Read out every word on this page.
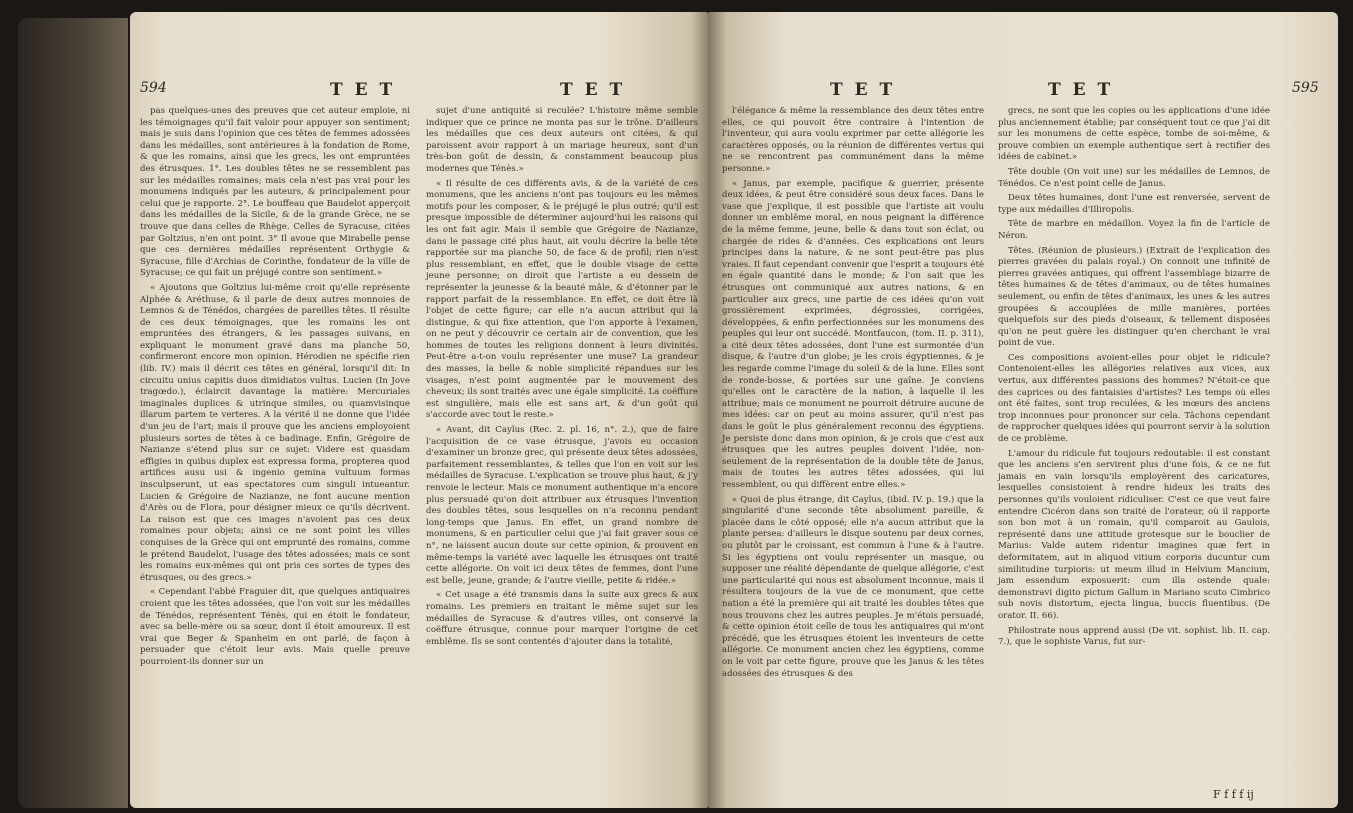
594	T E T	T E T

pas quelques-unes des preuves que cet auteur emploie, ni les témoignages qu'il fait valoir pour appuyer son sentiment; mais je suis dans l'opinion que ces têtes de femmes adossées dans les médailles, sont antérieures à la fondation de Rome, & que les romains, ainsi que les grecs, les ont empruntées des étrusques. 1°. Les doubles têtes ne se ressemblent pas sur les médailles romaines; mais cela n'est pas vrai pour les monumens indiqués par les auteurs, & principalement pour celui que je rapporte. 2°. Le bouffeau que Baudelot apperçoit dans les médailles de la Sicile, & de la grande Grèce, ne se trouve que dans celles de Rhège. Celles de Syracuse, citées par Goltzius, n'en ont point. 3° Il avoue que Mirabelle pense que ces dernières médailles représentent Orthygie & Syracuse, fille d'Archias de Corinthe, fondateur de la ville de Syracuse; ce qui fait un préjugé contre son sentiment.»

« Ajoutons que Goltzius lui-même croit qu'elle représente Alphée & Aréthuse, & il parle de deux autres monnoies de Lemnos & de Ténédos, chargées de pareilles têtes. Il résulte de ces deux témoignages, que les romains les ont empruntées des étrangers, & les passages suivans, en expliquant le monument gravé dans ma planche 50, confirmeront encore mon opinion. Hérodien ne spécifie rien (lib. IV.) mais il décrit ces têtes en général, lorsqu'il dit: In circuitu unius capitis duos dimidiatos vultus. Lucien (In Jove tragœdo.), éclaircit davantage la matière: Mercuriales imaginales duplices & utrinque similes, ou quamvisinque illarum partem te verteres. A la vérité il ne donne que l'idée d'un jeu de l'art; mais il prouve que les anciens employoient plusieurs sortes de têtes à ce badinage. Enfin, Grégoire de Nazianze s'étend plus sur ce sujet: Videre est quasdam effigies in quibus duplex est expressa forma, propterea quod artifices ausu usi & ingenio gemina vultuum formas insculpserunt, ut eas spectatores cum singuli intueantur. Lucien & Grégoire de Nazianze, ne font aucune mention d'Arès ou de Flora, pour désigner mieux ce qu'ils décrivent. La raison est que ces images n'avoient pas ces deux romaines pour objets; ainsi ce ne sont point les villes conquises de la Grèce qui ont emprunté des romains, comme le prétend Baudelot, l'usage des têtes adossées; mais ce sont les romains eux-mêmes qui ont pris ces sortes de types des étrusques, ou des grecs.»

« Cependant l'abbé Fraguier dit, que quelques antiquaires croient que les têtes adossées, que l'on voit sur les médailles de Ténédos, représentent Ténès, qui en étoit le fondateur, avec sa belle-mère ou sa sœur, dont il étoit amoureux. Il est vrai que Beger & Spanheim en ont parlé, de façon à persuader que c'étoit leur avis. Mais quelle preuve pourroient-ils donner sur un

sujet d'une antiquité si reculée? L'histoire même semble indiquer que ce prince ne monta pas sur le trône. D'ailleurs les médailles que ces deux auteurs ont citées, & qui paroissent avoir rapport à un mariage heureux, sont d'un très-bon goût de dessin, & constamment beaucoup plus modernes que Ténès.»

« Il résulte de ces différents avis, & de la variété de ces monumens, que les anciens n'ont pas toujours eu les mêmes motifs pour les composer, & le préjugé le plus outré; qu'il est presque impossible de déterminer aujourd'hui les raisons qui les ont fait agir. Mais il semble que Grégoire de Nazianze, dans le passage cité plus haut, ait voulu décrire la belle tête rapportée sur ma planche 50, de face & de profil; rien n'est plus ressemblant, en effet, que le double visage de cette jeune personne; on diroit que l'artiste a eu dessein de représenter la jeunesse & la beauté mâle, & d'étonner par le rapport parfait de la ressemblance. En effet, ce doit être là l'objet de cette figure; car elle n'a aucun attribut qui la distingue, & qui fixe attention, que l'on apporte à l'examen, on ne peut y découvrir ce certain air de convention, que les hommes de toutes les religions donnent à leurs divinités. Peut-être a-t-on voulu représenter une muse? La grandeur des masses, la belle & noble simplicité répandues sur les visages, n'est point augmentée par le mouvement des cheveux; ils sont traités avec une égale simplicité. La coëffure est singulière, mais elle est sans art, & d'un goût qui s'accorde avec tout le reste.»

« Avant, dit Caylus (Rec. 2. pl. 16, n°. 2.), que de faire l'acquisition de ce vase étrusque, j'avois eu occasion d'examiner un bronze grec, qui présente deux têtes adossées, parfaitement ressemblantes, & telles que l'on en voit sur les médailles de Syracuse. L'explication se trouve plus haut, & j'y renvoie le lecteur. Mais ce monument authentique m'a encore plus persuadé qu'on doit attribuer aux étrusques l'invention des doubles têtes, sous lesquelles on n'a reconnu pendant long-temps que Janus. En effet, un grand nombre de monumens, & en particulier celui que j'ai fait graver sous ce n°, ne laissent aucun doute sur cette opinion, & prouvent en même-temps la variété avec laquelle les étrusques ont traité cette allégorie. On voit ici deux têtes de femmes, dont l'une est belle, jeune, grande; & l'autre vieille, petite & ridée.»

« Cet usage a été transmis dans la suite aux grecs & aux romains. Les premiers en traitant le même sujet sur les médailles de Syracuse & d'autres villes, ont conservé la coëffure étrusque, connue pour marquer l'origine de cet emblême. Ils se sont contentés d'ajouter dans la totalité,

T E T	T E T	595

l'élégance & même la ressemblance des deux têtes entre elles, ce qui pouvoit être contraire à l'intention de l'inventeur, qui aura voulu exprimer par cette allégorie les caractères opposés, ou la réunion de différentes vertus qui ne se rencontrent pas communément dans la même personne.»

« Janus, par exemple, pacifique & guerrier, présente deux idées, & peut être considéré sous deux faces. Dans le vase que j'explique, il est possible que l'artiste ait voulu donner un emblême moral, en nous peignant la différence de la même femme, jeune, belle & dans tout son éclat, ou chargée de rides & d'années. Ces explications ont leurs principes dans la nature, & ne sont peut-être pas plus vraies. Il faut cependant convenir que l'esprit a toujours été en égale quantité dans le monde; & l'on sait que les étrusques ont communiqué aux autres nations, & en particulier aux grecs, une partie de ces idées qu'on voit grossièrement exprimées, dégrossies, corrigées, développées, & enfin perfectionnées sur les monumens des peuples qui leur ont succédé. Montfaucon, (tom. II. p. 311), a cité deux têtes adossées, dont l'une est surmontée d'un disque, & l'autre d'un globe; je les crois égyptiennes, & je les regarde comme l'image du soleil & de la lune. Elles sont de ronde-bosse, & portées sur une gaîne. Je conviens qu'elles ont le caractère de la nation, à laquelle il les attribue; mais ce monument ne pourroit détruire aucune de mes idées: car on peut au moins assurer, qu'il n'est pas dans le goût le plus généralement reconnu des égyptiens. Je persiste donc dans mon opinion, & je crois que c'est aux étrusques que les autres peuples doivent l'idée, non-seulement de la représentation de la double tête de Janus, mais de toutes les autres têtes adossées, qui lui ressemblent, ou qui diffèrent entre elles.»

« Quoi de plus étrange, dit Caylus, (ibid. IV. p. 19.) que la singularité d'une seconde tête absolument pareille, & placée dans le côté opposé; elle n'a aucun attribut que la plante persea: d'ailleurs le disque soutenu par deux cornes, ou plutôt par le croissant, est commun à l'une & à l'autre. Si les égyptiens ont voulu représenter un masque, ou supposer une réalité dépendante de quelque allégorie, c'est une particularité qui nous est absolument inconnue, mais il résultera toujours de la vue de ce monument, que cette nation a été la première qui ait traité les doubles têtes que nous trouvons chez les autres peuples. Je m'étois persuadé, & cette opinion étoit celle de tous les antiquaires qui m'ont précédé, que les étrusques étoient les inventeurs de cette allégorie. Ce monument ancien chez les égyptiens, comme on le voit par cette figure, prouve que les Janus & les têtes adossées des étrusques & des

grecs, ne sont que les copies ou les applications d'une idée plus anciennement établie; par conséquent tout ce que j'ai dit sur les monumens de cette espèce, tombe de soi-même, & prouve combien un exemple authentique sert à rectifier des idées de cabinet.»

Tête double (On voit une) sur les médailles de Lemnos, de Ténédos. Ce n'est point celle de Janus.

Deux têtes humaines, dont l'une est renversée, servent de type aux médailles d'Illiropolis.

Tête de marbre en médaillon. Voyez la fin de l'article de Néron.

Têtes. (Réunion de plusieurs.) (Extrait de l'explication des pierres gravées du palais royal.) On connoit une infinité de pierres gravées antiques, qui offrent l'assemblage bizarre de têtes humaines & de têtes d'animaux, ou de têtes humaines seulement, ou enfin de têtes d'animaux, les unes & les autres groupées & accouplées de mille manières, portées quelquefois sur des pieds d'oiseaux, & tellement disposées qu'on ne peut guère les distinguer qu'en cherchant le vrai point de vue.

Ces compositions avoient-elles pour objet le ridicule? Contenoient-elles les allégories relatives aux vices, aux vertus, aux différentes passions des hommes? N'étoit-ce que des caprices ou des fantaisies d'artistes? Les temps où elles ont été faites, sont trop reculées, & les mœurs des anciens trop inconnues pour prononcer sur cela. Tâchons cependant de rapprocher quelques idées qui pourront servir à la solution de ce problème.

L'amour du ridicule fut toujours redoutable: il est constant que les anciens s'en servirent plus d'une fois, & ce ne fut jamais en vain lorsqu'ils employèrent des caricatures, lesquelles consistoient à rendre hideux les traits des personnes qu'ils vouloient ridiculiser. C'est ce que veut faire entendre Cicéron dans son traité de l'orateur, où il rapporte son bon mot à un romain, qu'il comparoit au Gaulois, représenté dans une attitude grotesque sur le bouclier de Marius: Valde autem ridentur imagines quæ fert in deformitatem, aut in aliquod vitium corporis ducuntur cum similitudine turpioris: ut meum illud in Helvium Mancium, jam essendum exposuerit: cum illa ostende quale: demonstravi digito pictum Gallum in Mariano scuto Cimbrico sub novis distortum, ejecta lingua, buccis fluentibus. (De orator. II. 66).

Philostrate nous apprend aussi (De vit. sophist. lib. II. cap. 7.), que le sophiste Varus, fut sur-

F f f f ij
